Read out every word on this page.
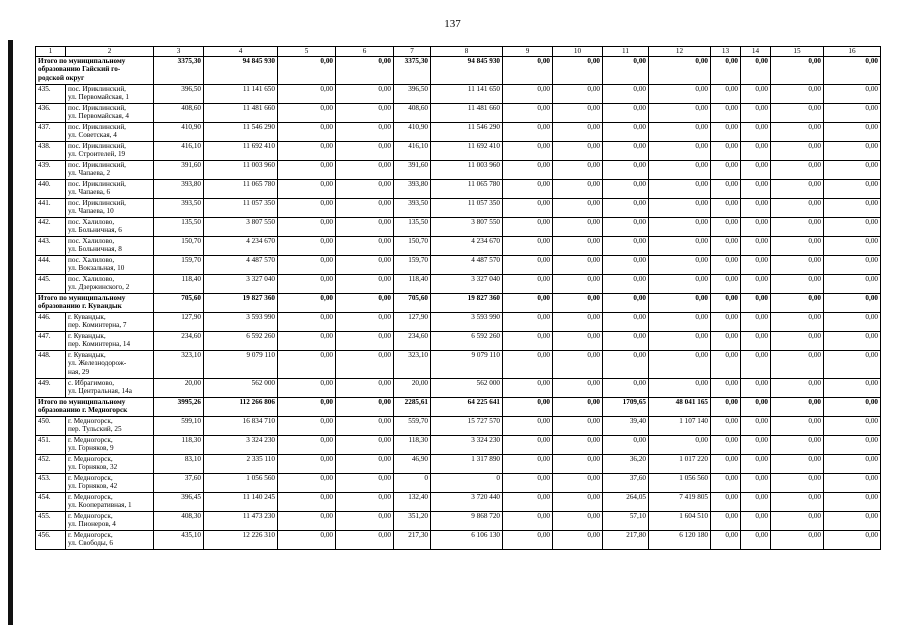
137
1	2	3	4	5	6	7	8	9	10	11	12	13	14	15	16
Итого по муниципальному
образованию Гайский го-
родской округ		3375,30	94 845 930	0,00	0,00	3375,30	94 845 930	0,00	0,00	0,00	0,00	0,00	0,00	0,00	0,00
435.	пос. Ириклинский,
ул. Первомайская, 1	396,50	11 141 650	0,00	0,00	396,50	11 141 650	0,00	0,00	0,00	0,00	0,00	0,00	0,00	0,00
436.	пос. Ириклинский,
ул. Первомайская, 4	408,60	11 481 660	0,00	0,00	408,60	11 481 660	0,00	0,00	0,00	0,00	0,00	0,00	0,00	0,00
437.	пос. Ириклинский,
ул. Советская, 4	410,90	11 546 290	0,00	0,00	410,90	11 546 290	0,00	0,00	0,00	0,00	0,00	0,00	0,00	0,00
438.	пос. Ириклинский,
ул. Строителей, 19	416,10	11 692 410	0,00	0,00	416,10	11 692 410	0,00	0,00	0,00	0,00	0,00	0,00	0,00	0,00
439.	пос. Ириклинский,
ул. Чапаева, 2	391,60	11 003 960	0,00	0,00	391,60	11 003 960	0,00	0,00	0,00	0,00	0,00	0,00	0,00	0,00
440.	пос. Ириклинский,
ул. Чапаева, 6	393,80	11 065 780	0,00	0,00	393,80	11 065 780	0,00	0,00	0,00	0,00	0,00	0,00	0,00	0,00
441.	пос. Ириклинский,
ул. Чапаева, 10	393,50	11 057 350	0,00	0,00	393,50	11 057 350	0,00	0,00	0,00	0,00	0,00	0,00	0,00	0,00
442.	пос. Халилово,
ул. Больничная, 6	135,50	3 807 550	0,00	0,00	135,50	3 807 550	0,00	0,00	0,00	0,00	0,00	0,00	0,00	0,00
443.	пос. Халилово,
ул. Больничная, 8	150,70	4 234 670	0,00	0,00	150,70	4 234 670	0,00	0,00	0,00	0,00	0,00	0,00	0,00	0,00
444.	пос. Халилово,
ул. Вокзальная, 10	159,70	4 487 570	0,00	0,00	159,70	4 487 570	0,00	0,00	0,00	0,00	0,00	0,00	0,00	0,00
445.	пос. Халилово,
ул. Дзержинского, 2	118,40	3 327 040	0,00	0,00	118,40	3 327 040	0,00	0,00	0,00	0,00	0,00	0,00	0,00	0,00
Итого по муниципальному
образованию г. Кувандык		705,60	19 827 360	0,00	0,00	705,60	19 827 360	0,00	0,00	0,00	0,00	0,00	0,00	0,00	0,00
446.	г. Кувандык,
пер. Коминтерна, 7	127,90	3 593 990	0,00	0,00	127,90	3 593 990	0,00	0,00	0,00	0,00	0,00	0,00	0,00	0,00
447.	г. Кувандык,
пер. Коминтерна, 14	234,60	6 592 260	0,00	0,00	234,60	6 592 260	0,00	0,00	0,00	0,00	0,00	0,00	0,00	0,00
448.	г. Кувандык,
ул. Железнодорож-
ная, 29	323,10	9 079 110	0,00	0,00	323,10	9 079 110	0,00	0,00	0,00	0,00	0,00	0,00	0,00	0,00
449.	с. Ибрагимово,
ул. Центральная, 14а	20,00	562 000	0,00	0,00	20,00	562 000	0,00	0,00	0,00	0,00	0,00	0,00	0,00	0,00
Итого по муниципальному
образованию г. Медногорск		3995,26	112 266 806	0,00	0,00	2285,61	64 225 641	0,00	0,00	1709,65	48 041 165	0,00	0,00	0,00	0,00
450.	г. Медногорск,
пер. Тульский, 25	599,10	16 834 710	0,00	0,00	559,70	15 727 570	0,00	0,00	39,40	1 107 140	0,00	0,00	0,00	0,00
451.	г. Медногорск,
ул. Горняков, 9	118,30	3 324 230	0,00	0,00	118,30	3 324 230	0,00	0,00	0,00	0,00	0,00	0,00	0,00	0,00
452.	г. Медногорск,
ул. Горняков, 32	83,10	2 335 110	0,00	0,00	46,90	1 317 890	0,00	0,00	36,20	1 017 220	0,00	0,00	0,00	0,00
453.	г. Медногорск,
ул. Горняков, 42	37,60	1 056 560	0,00	0,00	0	0	0,00	0,00	37,60	1 056 560	0,00	0,00	0,00	0,00
454.	г. Медногорск,
ул. Кооперативная, 1	396,45	11 140 245	0,00	0,00	132,40	3 720 440	0,00	0,00	264,05	7 419 805	0,00	0,00	0,00	0,00
455.	г. Медногорск,
ул. Пионеров, 4	408,30	11 473 230	0,00	0,00	351,20	9 868 720	0,00	0,00	57,10	1 604 510	0,00	0,00	0,00	0,00
456.	г. Медногорск,
ул. Свободы, 6	435,10	12 226 310	0,00	0,00	217,30	6 106 130	0,00	0,00	217,80	6 120 180	0,00	0,00	0,00	0,00
